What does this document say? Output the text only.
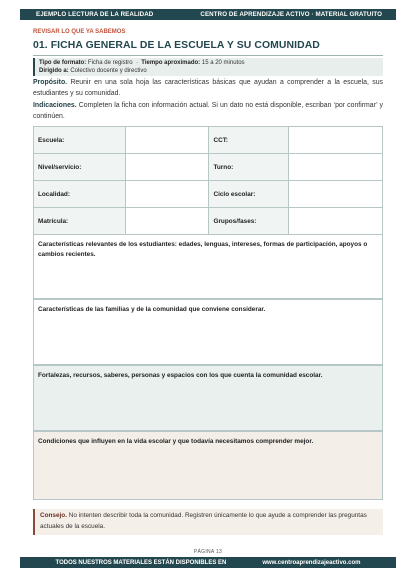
EJEMPLO LECTURA DE LA REALIDAD	CENTRO DE APRENDIZAJE ACTIVO · MATERIAL GRATUITO
REVISAR LO QUE YA SABEMOS
01. FICHA GENERAL DE LA ESCUELA Y SU COMUNIDAD
Tipo de formato: Ficha de registro · Tiempo aproximado: 15 a 20 minutos
Dirigido a: Colectivo docente y directivo
Propósito. Reunir en una sola hoja las características básicas que ayudan a comprender a la escuela, sus estudiantes y su comunidad.
Indicaciones. Completen la ficha con información actual. Si un dato no está disponible, escriban ‘por confirmar’ y continúen.
Escuela:		CCT:	
Nivel/servicio:		Turno:	
Localidad:		Ciclo escolar:	
Matrícula:		Grupos/fases:	
Características relevantes de los estudiantes: edades, lenguas, intereses, formas de participación, apoyos o cambios recientes.
Características de las familias y de la comunidad que conviene considerar.
Fortalezas, recursos, saberes, personas y espacios con los que cuenta la comunidad escolar.
Condiciones que influyen en la vida escolar y que todavía necesitamos comprender mejor.
Consejo. No intenten describir toda la comunidad. Registren únicamente lo que ayude a comprender las preguntas actuales de la escuela.
PÁGINA 13
TODOS NUESTROS MATERIALES ESTÁN DISPONIBLES EN	www.centroaprendizajeactivo.com
